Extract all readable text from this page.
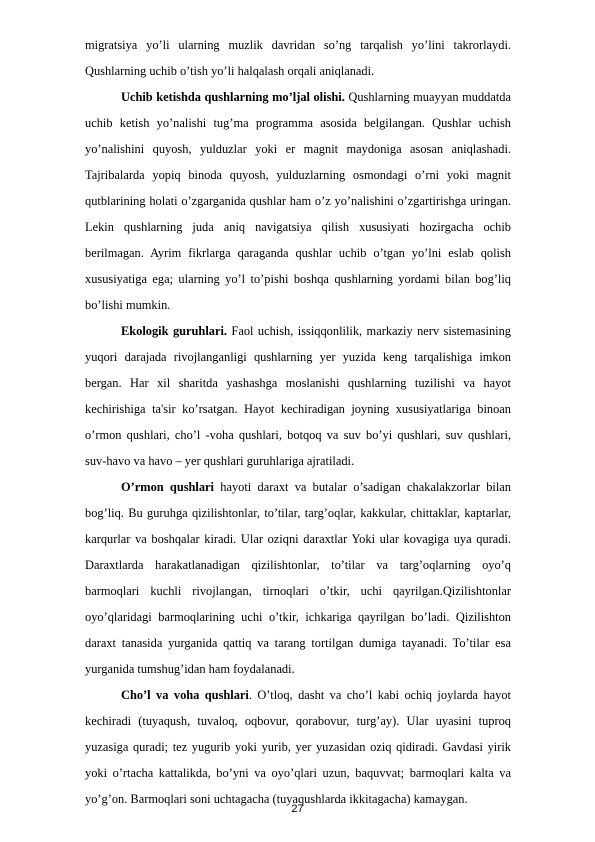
migratsiya yo’li ularning muzlik davridan so’ng tarqalish yo’lini takrorlaydi. Qushlarning uchib o’tish yo’li halqalash orqali aniqlanadi.

Uchib ketishda qushlarning mo’ljal olishi. Qushlarning muayyan muddatda uchib ketish yo’nalishi tug’ma programma asosida belgilangan. Qushlar uchish yo’nalishini quyosh, yulduzlar yoki er magnit maydoniga asosan aniqlashadi. Tajribalarda yopiq binoda quyosh, yulduzlarning osmondagi o’rni yoki magnit qutblarining holati o’zgarganida qushlar ham o’z yo’nalishini o’zgartirishga uringan. Lekin qushlarning juda aniq navigatsiya qilish xususiyati hozirgacha ochib berilmagan. Ayrim fikrlarga qaraganda qushlar uchib o’tgan yo’lni eslab qolish xususiyatiga ega; ularning yo’l to’pishi boshqa qushlarning yordami bilan bog’liq bo’lishi mumkin.

Ekologik guruhlari. Faol uchish, issiqqonlilik, markaziy nerv sistemasining yuqori darajada rivojlanganligi qushlarning yer yuzida keng tarqalishiga imkon bergan. Har xil sharitda yashashga moslanishi qushlarning tuzilishi va hayot kechirishiga ta'sir ko’rsatgan. Hayot kechiradigan joyning xususiyatlariga binoan o’rmon qushlari, cho’l -voha qushlari, botqoq va suv bo’yi qushlari, suv qushlari, suv-havo va havo – yer qushlari guruhlariga ajratiladi.

O’rmon qushlari hayoti daraxt va butalar o’sadigan chakalakzorlar bilan bog’liq. Bu guruhga qizilishtonlar, to’tilar, targ’oqlar, kakkular, chittaklar, kaptarlar, karqurlar va boshqalar kiradi. Ular oziqni daraxtlar Yoki ular kovagiga uya quradi. Daraxtlarda harakatlanadigan qizilishtonlar, to’tilar va targ’oqlarning oyo’q barmoqlari kuchli rivojlangan, tirnoqlari o’tkir, uchi qayrilgan.Qizilishtonlar oyo’qlaridagi barmoqlarining uchi o’tkir, ichkariga qayrilgan bo’ladi. Qizilishton daraxt tanasida yurganida qattiq va tarang tortilgan dumiga tayanadi. To’tilar esa yurganida tumshug’idan ham foydalanadi.

Cho’l va voha qushlari. O’tloq, dasht va cho’l kabi ochiq joylarda hayot kechiradi (tuyaqush, tuvaloq, oqbovur, qorabovur, turg’ay). Ular uyasini tuproq yuzasiga quradi; tez yugurib yoki yurib, yer yuzasidan oziq qidiradi. Gavdasi yirik yoki o’rtacha kattalikda, bo’yni va oyo’qlari uzun, baquvvat; barmoqlari kalta va yo’g’on. Barmoqlari soni uchtagacha (tuyaqushlarda ikkitagacha) kamaygan.

27
